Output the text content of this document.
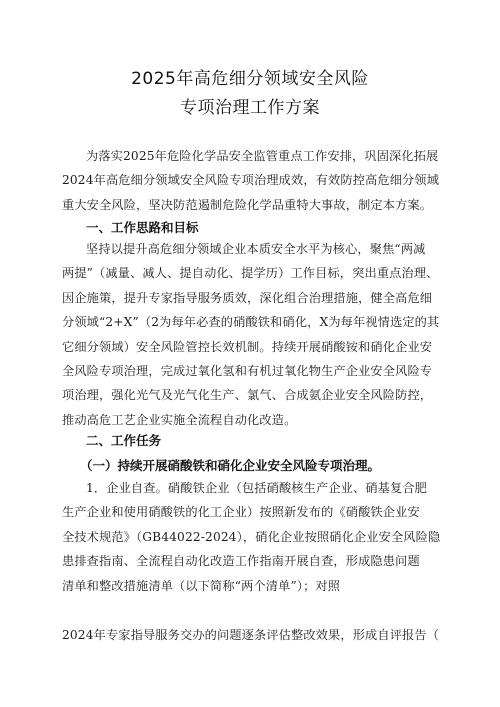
2025年高危细分领域安全风险
专项治理工作方案
为落实2025年危险化学品安全监管重点工作安排，巩固深化拓展
2024年高危细分领域安全风险专项治理成效，有效防控高危细分领域
重大安全风险，坚决防范遏制危险化学品重特大事故，制定本方案。
一、工作思路和目标
坚持以提升高危细分领域企业本质安全水平为核心，聚焦“两减
两提”（减量、减人、提自动化、提学历）工作目标，突出重点治理、
因企施策，提升专家指导服务质效，深化组合治理措施，健全高危细
分领域“2+X”（2为每年必查的硝酸铁和硝化，X为每年视情选定的其
它细分领域）安全风险管控长效机制。持续开展硝酸铵和硝化企业安
全风险专项治理，完成过氧化氢和有机过氧化物生产企业安全风险专
项治理，强化光气及光气化生产、氯气、合成氨企业安全风险防控，
推动高危工艺企业实施全流程自动化改造。
二、工作任务
（一）持续开展硝酸铁和硝化企业安全风险专项治理。
1．企业自查。硝酸铁企业（包括硝酸核生产企业、硝基复合肥
生产企业和使用硝酸铁的化工企业）按照新发布的《硝酸铁企业安
全技术规范》（GB44022-2024），硝化企业按照硝化企业安全风险隐
患排查指南、全流程自动化改造工作指南开展自查，形成隐患问题
清单和整改措施清单（以下简称“两个清单”）；对照
2024年专家指导服务交办的问题逐条评估整改效果，形成自评报告（
